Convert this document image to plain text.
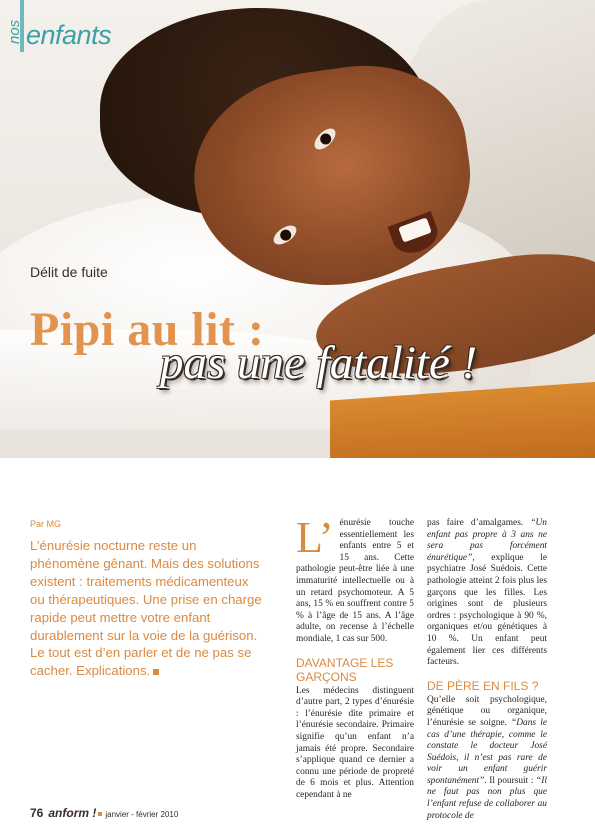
nos enfants
Délit de fuite
Pipi au lit :
pas une fatalité !
Par MG
L’énurésie nocturne reste un phénomène gênant. Mais des solutions existent : traitements médicamenteux ou thérapeutiques. Une prise en charge rapide peut mettre votre enfant durablement sur la voie de la guérison. Le tout est d’en parler et de ne pas se cacher. Explications.

L’ énurésie touche essentiellement les enfants entre 5 et 15 ans. Cette pathologie peut-être liée à une immaturité intellectuelle ou à un retard psychomoteur. A 5 ans, 15 % en souffrent contre 5 % à l’âge de 15 ans. A l’âge adulte, on recense à l’échelle mondiale, 1 cas sur 500.

DAVANTAGE LES GARÇONS

Les médecins distinguent d’autre part, 2 types d’énurésie : l’énurésie dite primaire et l’énurésie secondaire. Primaire signifie qu’un enfant n’a jamais été propre. Secondaire s’applique quand ce dernier a connu une période de propreté de 6 mois et plus. Attention cependant à ne

pas faire d’amalgames. “Un enfant pas propre à 3 ans ne sera pas forcément énurétique”, explique le psychiatre José Suédois. Cette pathologie atteint 2 fois plus les garçons que les filles. Les origines sont de plusieurs ordres : psychologique à 90 %, organiques et/ou génétiques à 10 %. Un enfant peut également lier ces différents facteurs.

DE PÈRE EN FILS ?

Qu’elle soit psychologique, génétique ou organique, l’énurésie se soigne. “Dans le cas d’une thérapie, comme le constate le docteur José Suédois, il n’est pas rare de voir un enfant guérir spontanément”. Il poursuit : “Il ne faut pas non plus que l’enfant refuse de collaborer au protocole de

76 anform ! janvier - février 2010
